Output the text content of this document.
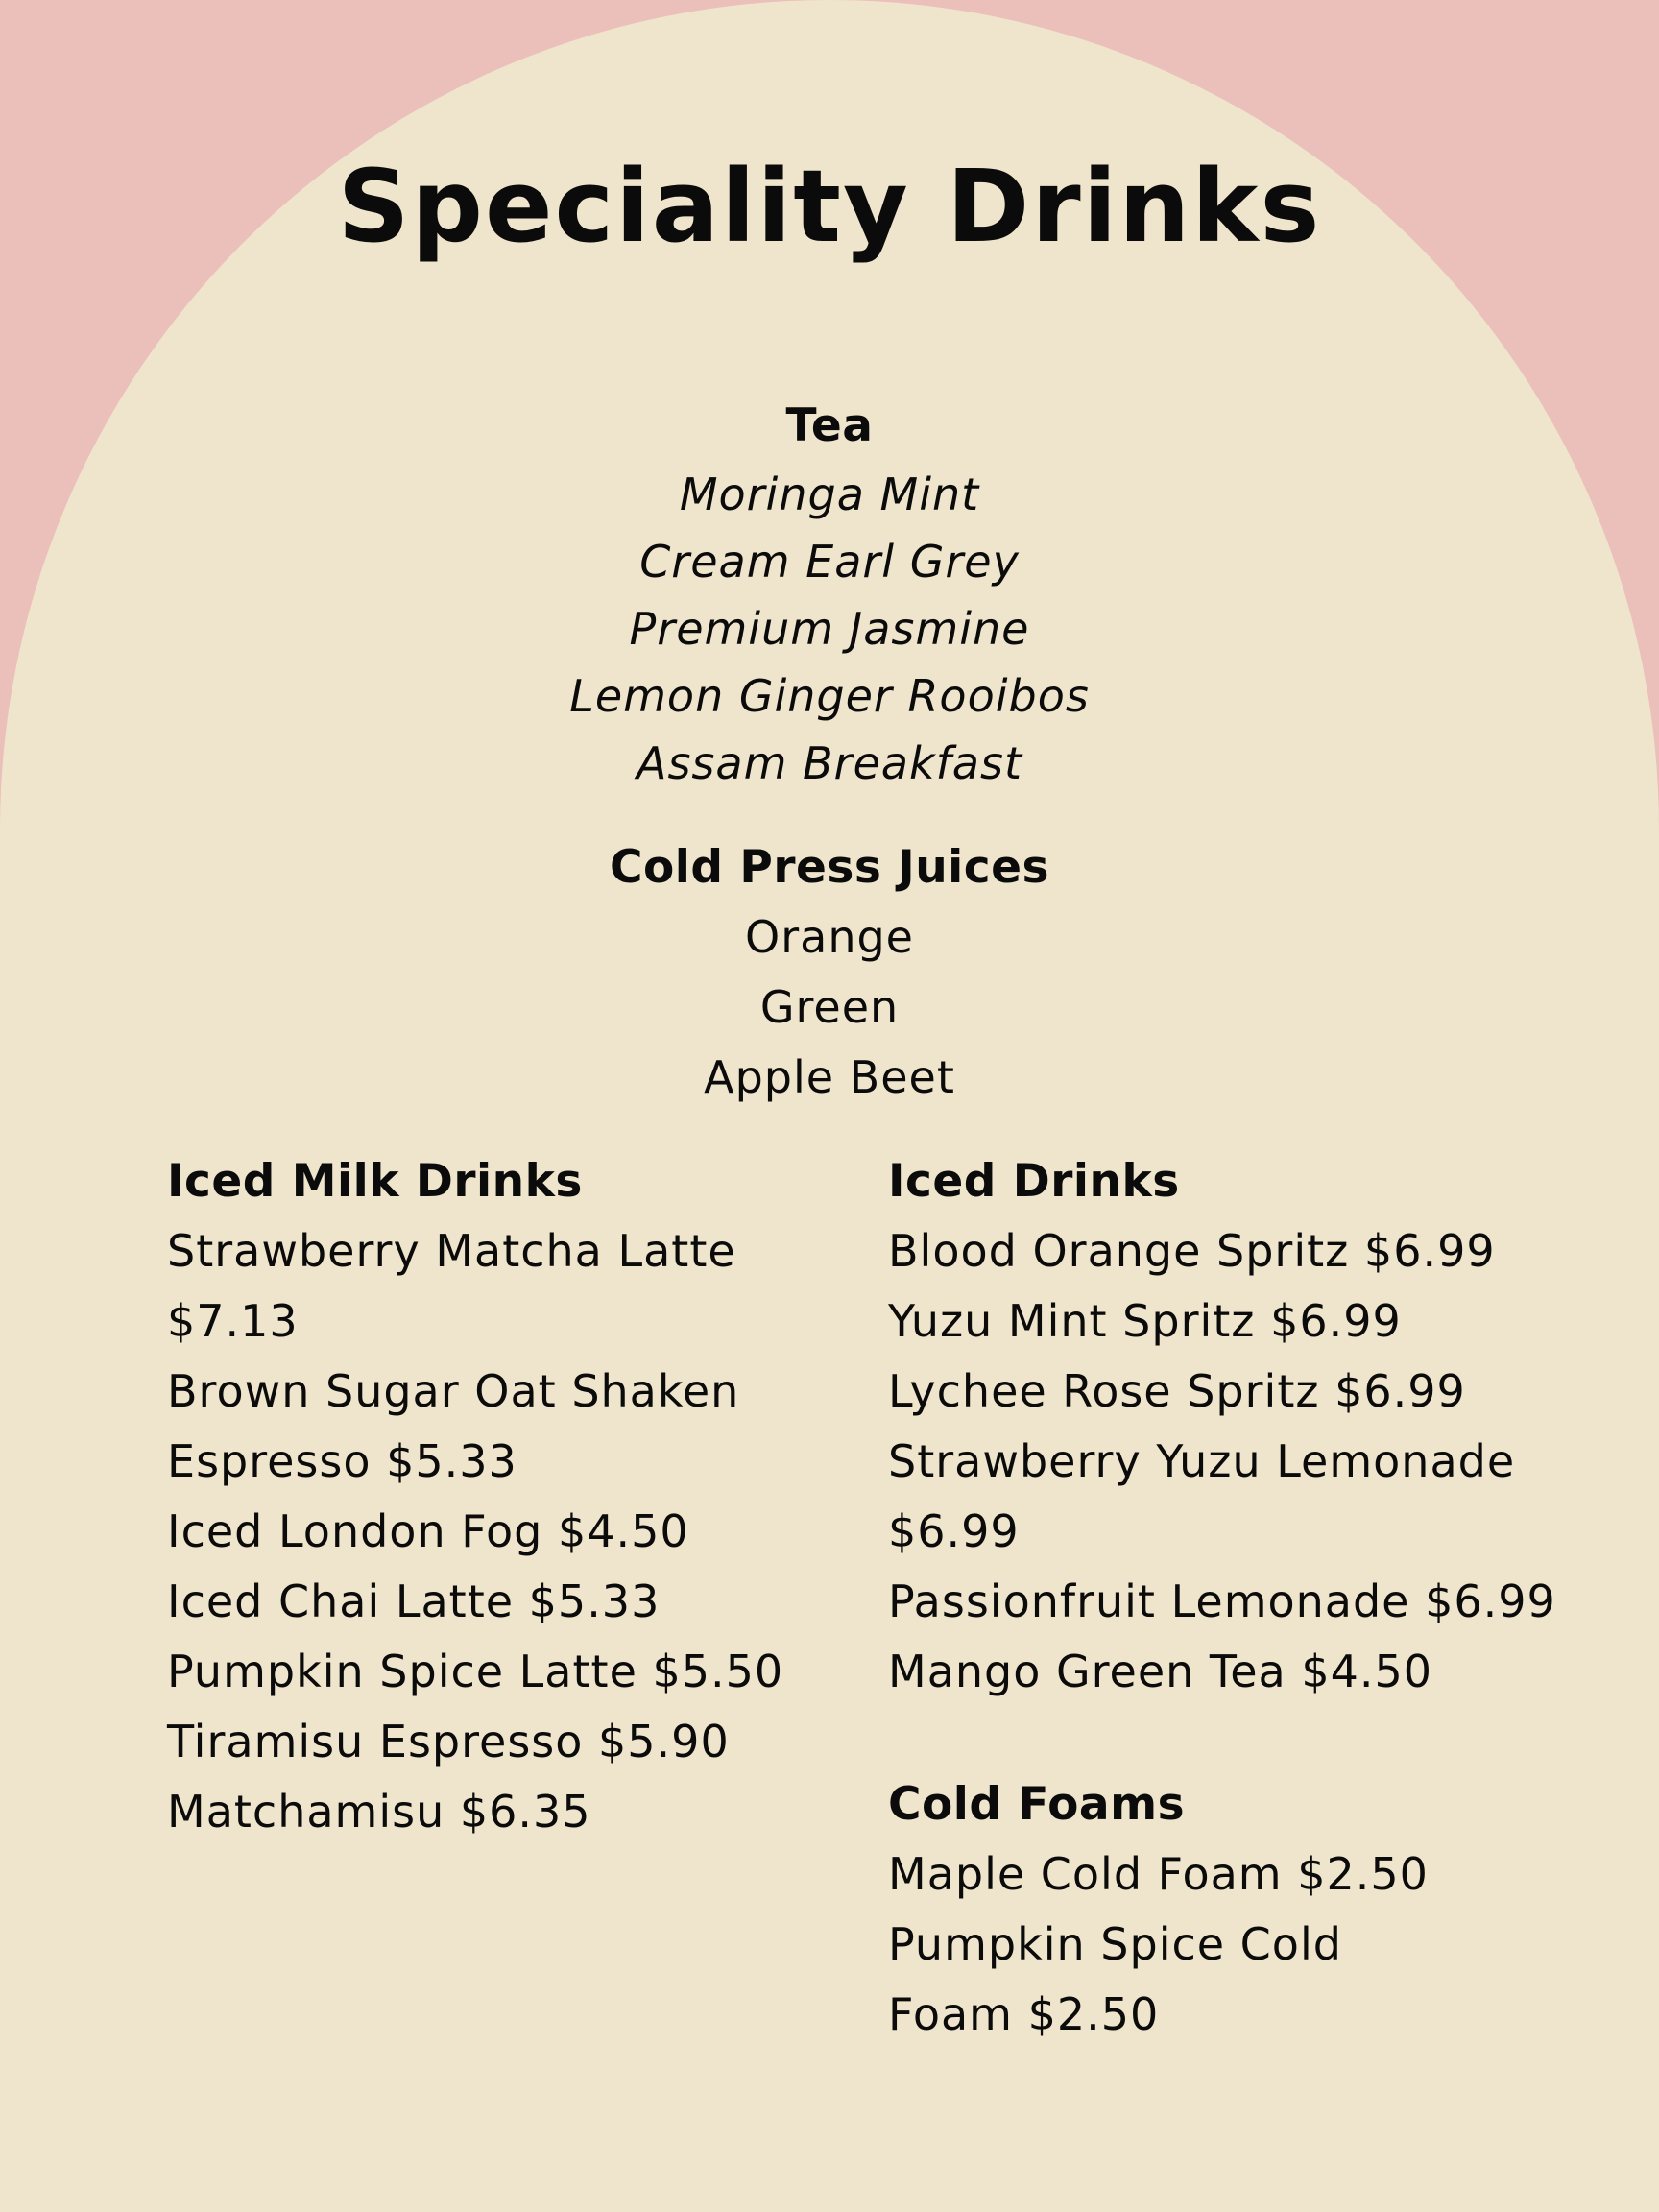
Speciality Drinks
Tea
Moringa Mint
Cream Earl Grey
Premium Jasmine
Lemon Ginger Rooibos
Assam Breakfast
Cold Press Juices
Orange
Green
Apple Beet
Iced Milk Drinks
Strawberry Matcha Latte
$7.13
Brown Sugar Oat Shaken
Espresso $5.33
Iced London Fog $4.50
Iced Chai Latte $5.33
Pumpkin Spice Latte $5.50
Tiramisu Espresso $5.90
Matchamisu $6.35
Iced Drinks
Blood Orange Spritz $6.99
Yuzu Mint Spritz $6.99
Lychee Rose Spritz $6.99
Strawberry Yuzu Lemonade
$6.99
Passionfruit Lemonade $6.99
Mango Green Tea $4.50
Cold Foams
Maple Cold Foam $2.50
Pumpkin Spice Cold
Foam $2.50
